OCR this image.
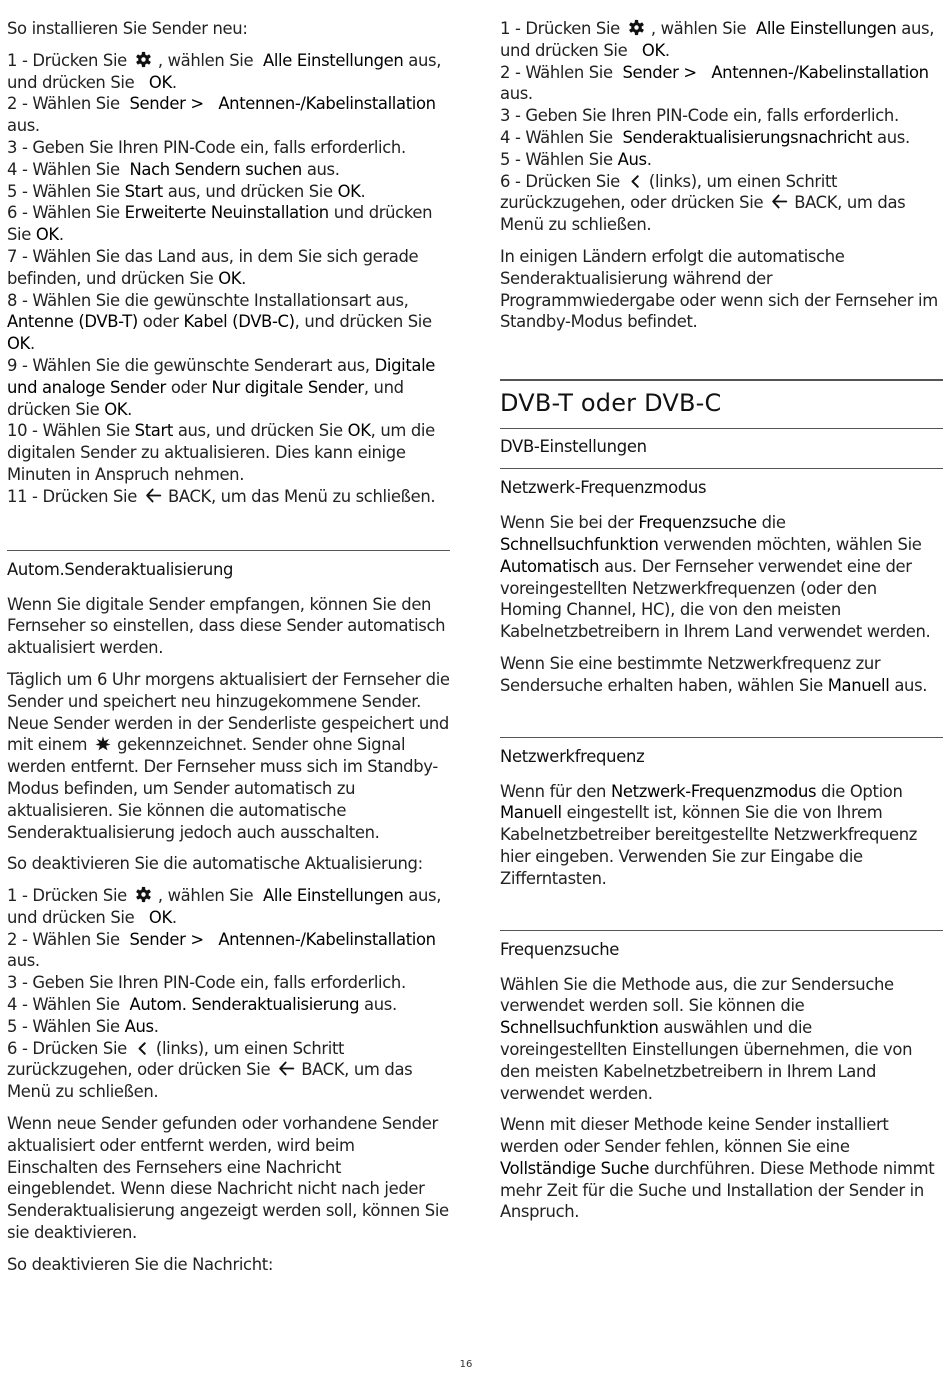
So installieren Sie Sender neu:

1 - Drücken Sie , wählen Sie Alle Einstellungen aus, und drücken Sie OK.

2 - Wählen Sie Sender > Antennen-/Kabelinstallation aus.

3 - Geben Sie Ihren PIN-Code ein, falls erforderlich.

4 - Wählen Sie Nach Sendern suchen aus.

5 - Wählen Sie Start aus, und drücken Sie OK.

6 - Wählen Sie Erweiterte Neuinstallation und drücken Sie OK.

7 - Wählen Sie das Land aus, in dem Sie sich gerade befinden, und drücken Sie OK.

8 - Wählen Sie die gewünschte Installationsart aus, Antenne (DVB-T) oder Kabel (DVB-C), und drücken Sie OK.

9 - Wählen Sie die gewünschte Senderart aus, Digitale und analoge Sender oder Nur digitale Sender, und drücken Sie OK.

10 - Wählen Sie Start aus, und drücken Sie OK, um die digitalen Sender zu aktualisieren. Dies kann einige Minuten in Anspruch nehmen.

11 - Drücken Sie BACK, um das Menü zu schließen.

Autom.Senderaktualisierung

Wenn Sie digitale Sender empfangen, können Sie den Fernseher so einstellen, dass diese Sender automatisch aktualisiert werden.

Täglich um 6 Uhr morgens aktualisiert der Fernseher die Sender und speichert neu hinzugekommene Sender. Neue Sender werden in der Senderliste gespeichert und mit einem gekennzeichnet. Sender ohne Signal werden entfernt. Der Fernseher muss sich im Standby-Modus befinden, um Sender automatisch zu aktualisieren. Sie können die automatische Senderaktualisierung jedoch auch ausschalten.

So deaktivieren Sie die automatische Aktualisierung:

1 - Drücken Sie , wählen Sie Alle Einstellungen aus, und drücken Sie OK.

2 - Wählen Sie Sender > Antennen-/Kabelinstallation aus.

3 - Geben Sie Ihren PIN-Code ein, falls erforderlich.

4 - Wählen Sie Autom. Senderaktualisierung aus.

5 - Wählen Sie Aus.

6 - Drücken Sie (links), um einen Schritt zurückzugehen, oder drücken Sie BACK, um das Menü zu schließen.

Wenn neue Sender gefunden oder vorhandene Sender aktualisiert oder entfernt werden, wird beim Einschalten des Fernsehers eine Nachricht eingeblendet. Wenn diese Nachricht nicht nach jeder Senderaktualisierung angezeigt werden soll, können Sie sie deaktivieren.

So deaktivieren Sie die Nachricht:

1 - Drücken Sie , wählen Sie Alle Einstellungen aus, und drücken Sie OK.

2 - Wählen Sie Sender > Antennen-/Kabelinstallation aus.

3 - Geben Sie Ihren PIN-Code ein, falls erforderlich.

4 - Wählen Sie Senderaktualisierungsnachricht aus.

5 - Wählen Sie Aus.

6 - Drücken Sie (links), um einen Schritt zurückzugehen, oder drücken Sie BACK, um das Menü zu schließen.

In einigen Ländern erfolgt die automatische Senderaktualisierung während der Programmwiedergabe oder wenn sich der Fernseher im Standby-Modus befindet.

DVB-T oder DVB-C
DVB-Einstellungen
Netzwerk-Frequenzmodus

Wenn Sie bei der Frequenzsuche die Schnellsuchfunktion verwenden möchten, wählen Sie Automatisch aus. Der Fernseher verwendet eine der voreingestellten Netzwerkfrequenzen (oder den Homing Channel, HC), die von den meisten Kabelnetzbetreibern in Ihrem Land verwendet werden.

Wenn Sie eine bestimmte Netzwerkfrequenz zur Sendersuche erhalten haben, wählen Sie Manuell aus.

Netzwerkfrequenz

Wenn für den Netzwerk-Frequenzmodus die Option Manuell eingestellt ist, können Sie die von Ihrem Kabelnetzbetreiber bereitgestellte Netzwerkfrequenz hier eingeben. Verwenden Sie zur Eingabe die Zifferntasten.

Frequenzsuche

Wählen Sie die Methode aus, die zur Sendersuche verwendet werden soll. Sie können die Schnellsuchfunktion auswählen und die voreingestellten Einstellungen übernehmen, die von den meisten Kabelnetzbetreibern in Ihrem Land verwendet werden.

Wenn mit dieser Methode keine Sender installiert werden oder Sender fehlen, können Sie eine Vollständige Suche durchführen. Diese Methode nimmt mehr Zeit für die Suche und Installation der Sender in Anspruch.

16
